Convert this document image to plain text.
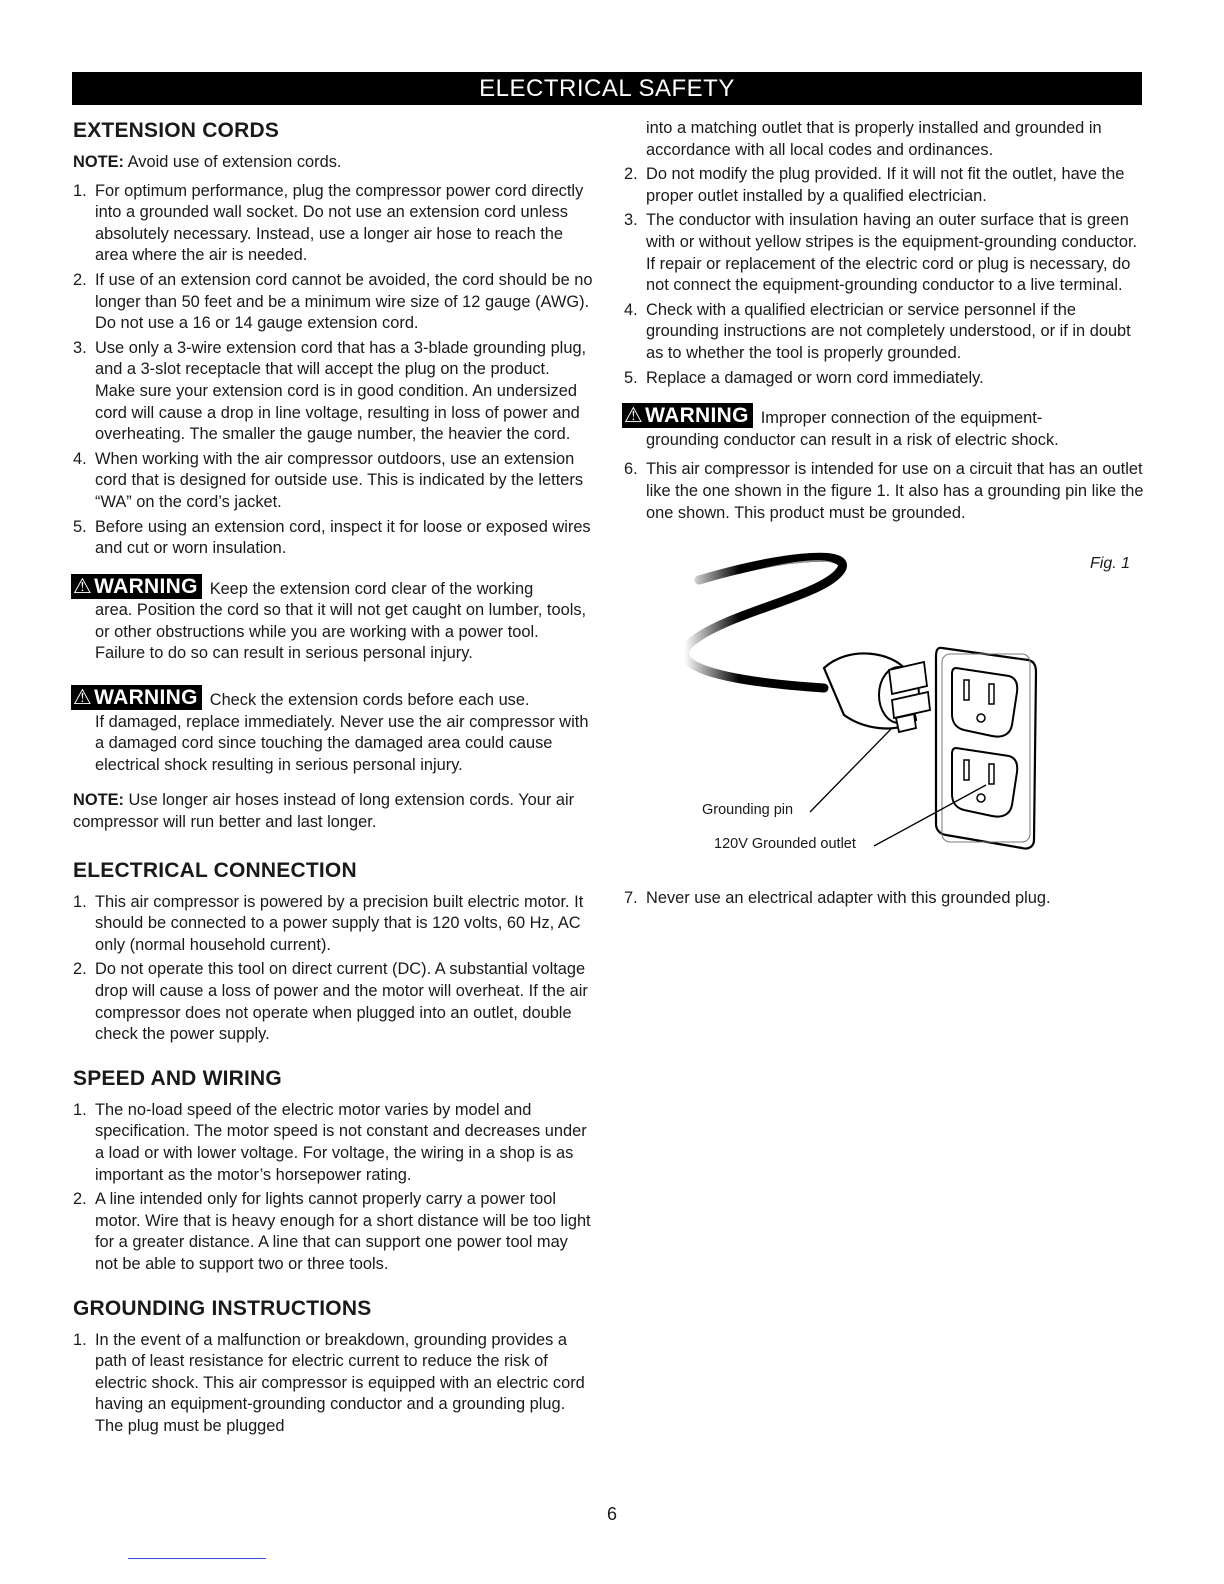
ELECTRICAL SAFETY
EXTENSION CORDS

NOTE: Avoid use of extension cords.

1. For optimum performance, plug the compressor power cord directly into a grounded wall socket. Do not use an extension cord unless absolutely necessary. Instead, use a longer air hose to reach the area where the air is needed.
2. If use of an extension cord cannot be avoided, the cord should be no longer than 50 feet and be a minimum wire size of 12 gauge (AWG). Do not use a 16 or 14 gauge extension cord.
3. Use only a 3-wire extension cord that has a 3-blade grounding plug, and a 3-slot receptacle that will accept the plug on the product. Make sure your extension cord is in good condition. An undersized cord will cause a drop in line voltage, resulting in loss of power and overheating. The smaller the gauge number, the heavier the cord.
4. When working with the air compressor outdoors, use an extension cord that is designed for outside use. This is indicated by the letters “WA” on the cord’s jacket.
5. Before using an extension cord, inspect it for loose or exposed wires and cut or worn insulation.
⚠WARNING Keep the extension cord clear of the working
area. Position the cord so that it will not get caught on lumber, tools, or other obstructions while you are working with a power tool. Failure to do so can result in serious personal injury.
⚠WARNING Check the extension cords before each use.
If damaged, replace immediately. Never use the air compressor with a damaged cord since touching the damaged area could cause electrical shock resulting in serious personal injury.

NOTE: Use longer air hoses instead of long extension cords. Your air compressor will run better and last longer.

ELECTRICAL CONNECTION
1. This air compressor is powered by a precision built electric motor. It should be connected to a power supply that is 120 volts, 60 Hz, AC only (normal household current).
2. Do not operate this tool on direct current (DC). A substantial voltage drop will cause a loss of power and the motor will overheat. If the air compressor does not operate when plugged into an outlet, double check the power supply.
SPEED AND WIRING
1. The no-load speed of the electric motor varies by model and specification. The motor speed is not constant and decreases under a load or with lower voltage. For voltage, the wiring in a shop is as important as the motor’s horsepower rating.
2. A line intended only for lights cannot properly carry a power tool motor. Wire that is heavy enough for a short distance will be too light for a greater distance. A line that can support one power tool may not be able to support two or three tools.
GROUNDING INSTRUCTIONS
1. In the event of a malfunction or breakdown, grounding provides a path of least resistance for electric current to reduce the risk of electric shock. This air compressor is equipped with an electric cord having an equipment-grounding conductor and a grounding plug. The plug must be plugged

into a matching outlet that is properly installed and grounded in accordance with all local codes and ordinances.

2. Do not modify the plug provided. If it will not fit the outlet, have the proper outlet installed by a qualified electrician.
3. The conductor with insulation having an outer surface that is green with or without yellow stripes is the equipment-grounding conductor. If repair or replacement of the electric cord or plug is necessary, do not connect the equipment-grounding conductor to a live terminal.
4. Check with a qualified electrician or service personnel if the grounding instructions are not completely understood, or if in doubt as to whether the tool is properly grounded.
5. Replace a damaged or worn cord immediately.
⚠WARNING Improper connection of the equipment-
grounding conductor can result in a risk of electric shock.
6. This air compressor is intended for use on a circuit that has an outlet like the one shown in the figure 1. It also has a grounding pin like the one shown. This product must be grounded.
Fig. 1
Grounding pin
120V Grounded outlet
7. Never use an electrical adapter with this grounded plug.
6
